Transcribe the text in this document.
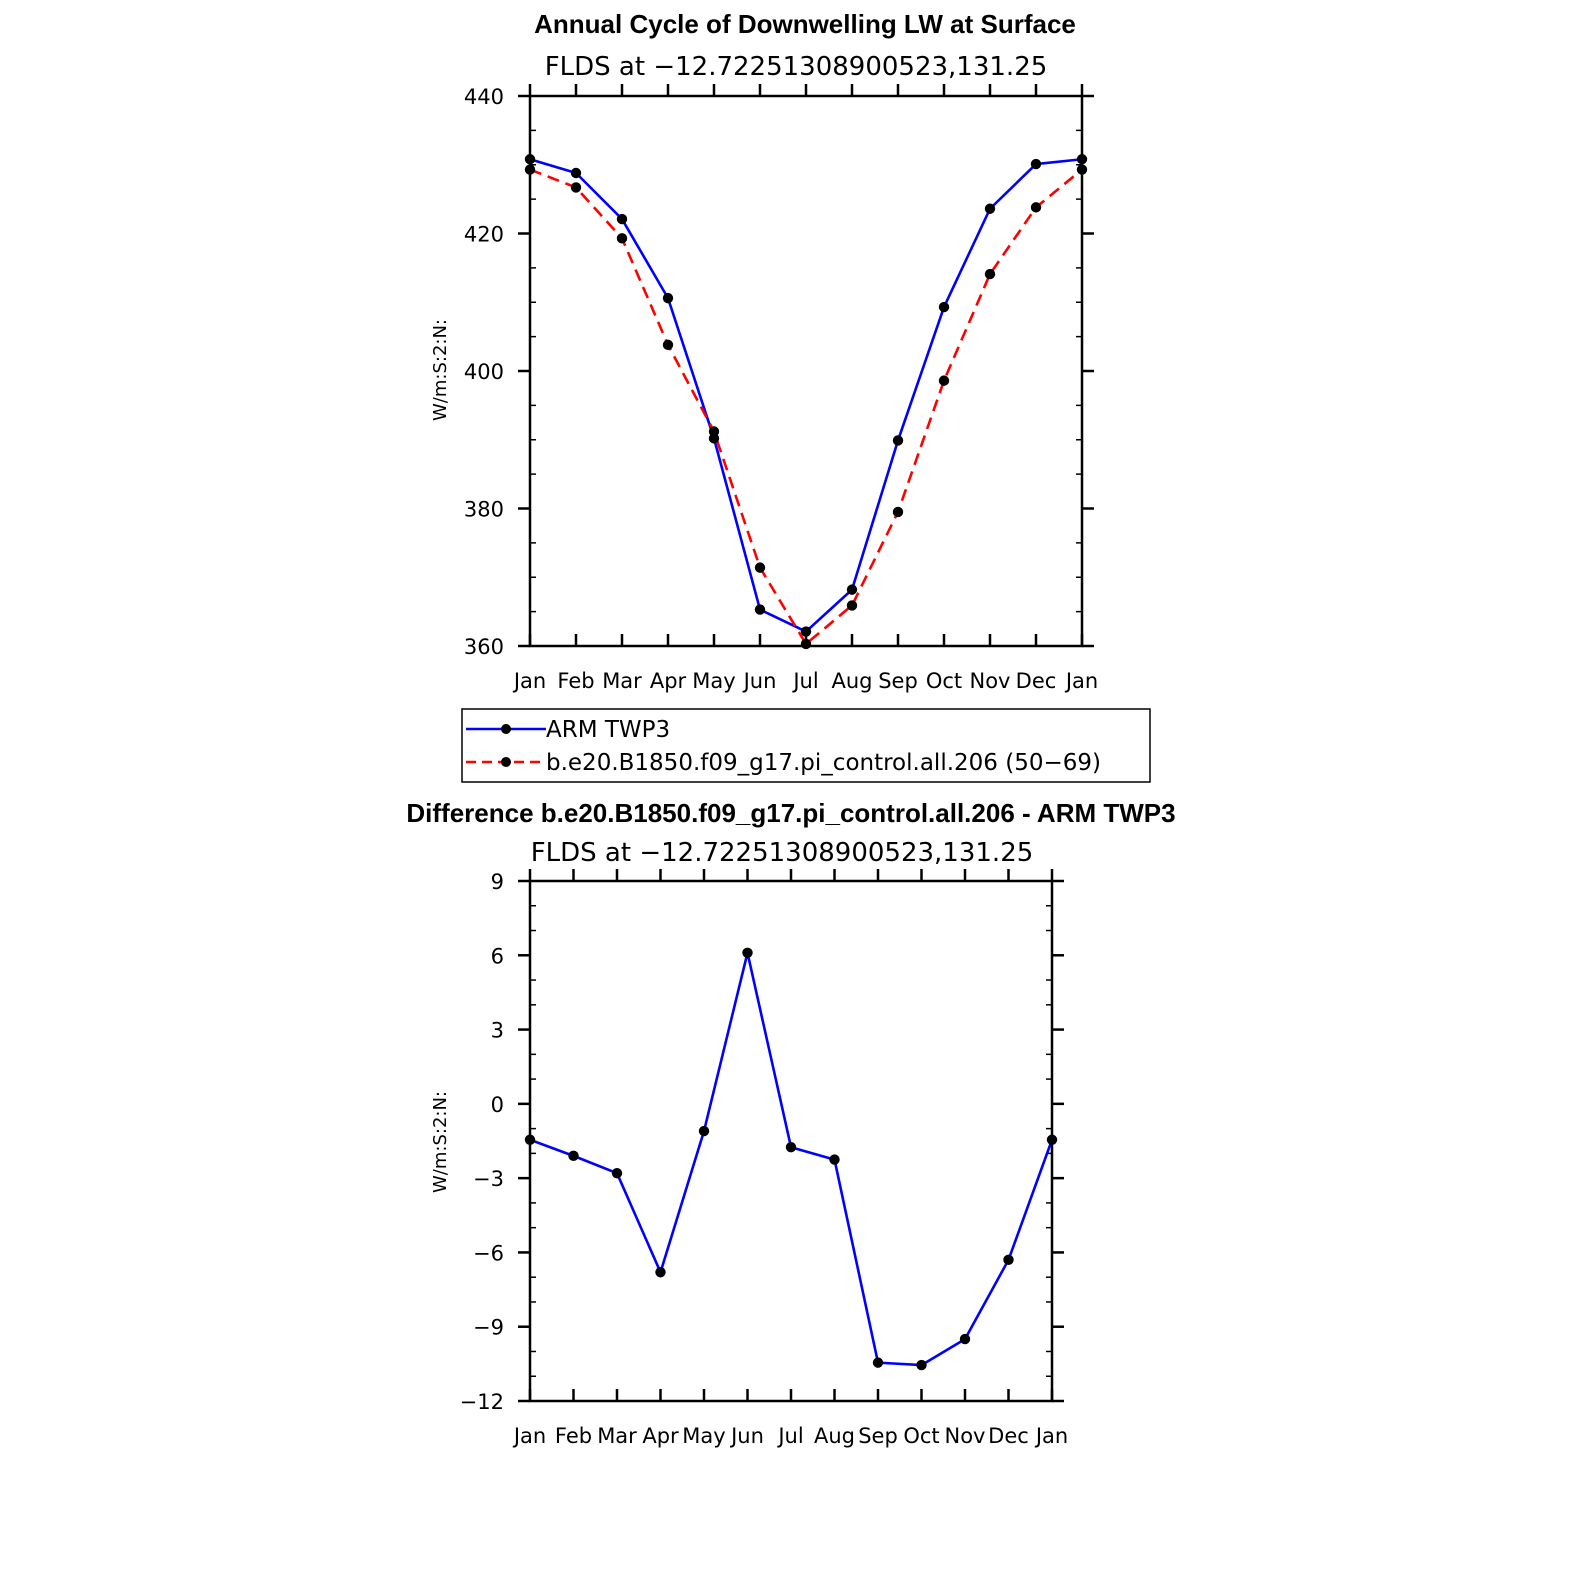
Annual Cycle of Downwelling LW at Surface
FLDS at −12.72251308900523,131.25
W/m:S:2:N:
Jan Feb Mar Apr May Jun Jul Aug Sep Oct Nov Dec Jan
360
380
400
420
440
ARM TWP3
b.e20.B1850.f09_g17.pi_control.all.206 (50−69)
Difference b.e20.B1850.f09_g17.pi_control.all.206 - ARM TWP3
FLDS at −12.72251308900523,131.25
W/m:S:2:N:
Jan Feb Mar Apr May Jun Jul Aug Sep Oct Nov Dec Jan
−12
−9
−6
−3
0
3
6
9
